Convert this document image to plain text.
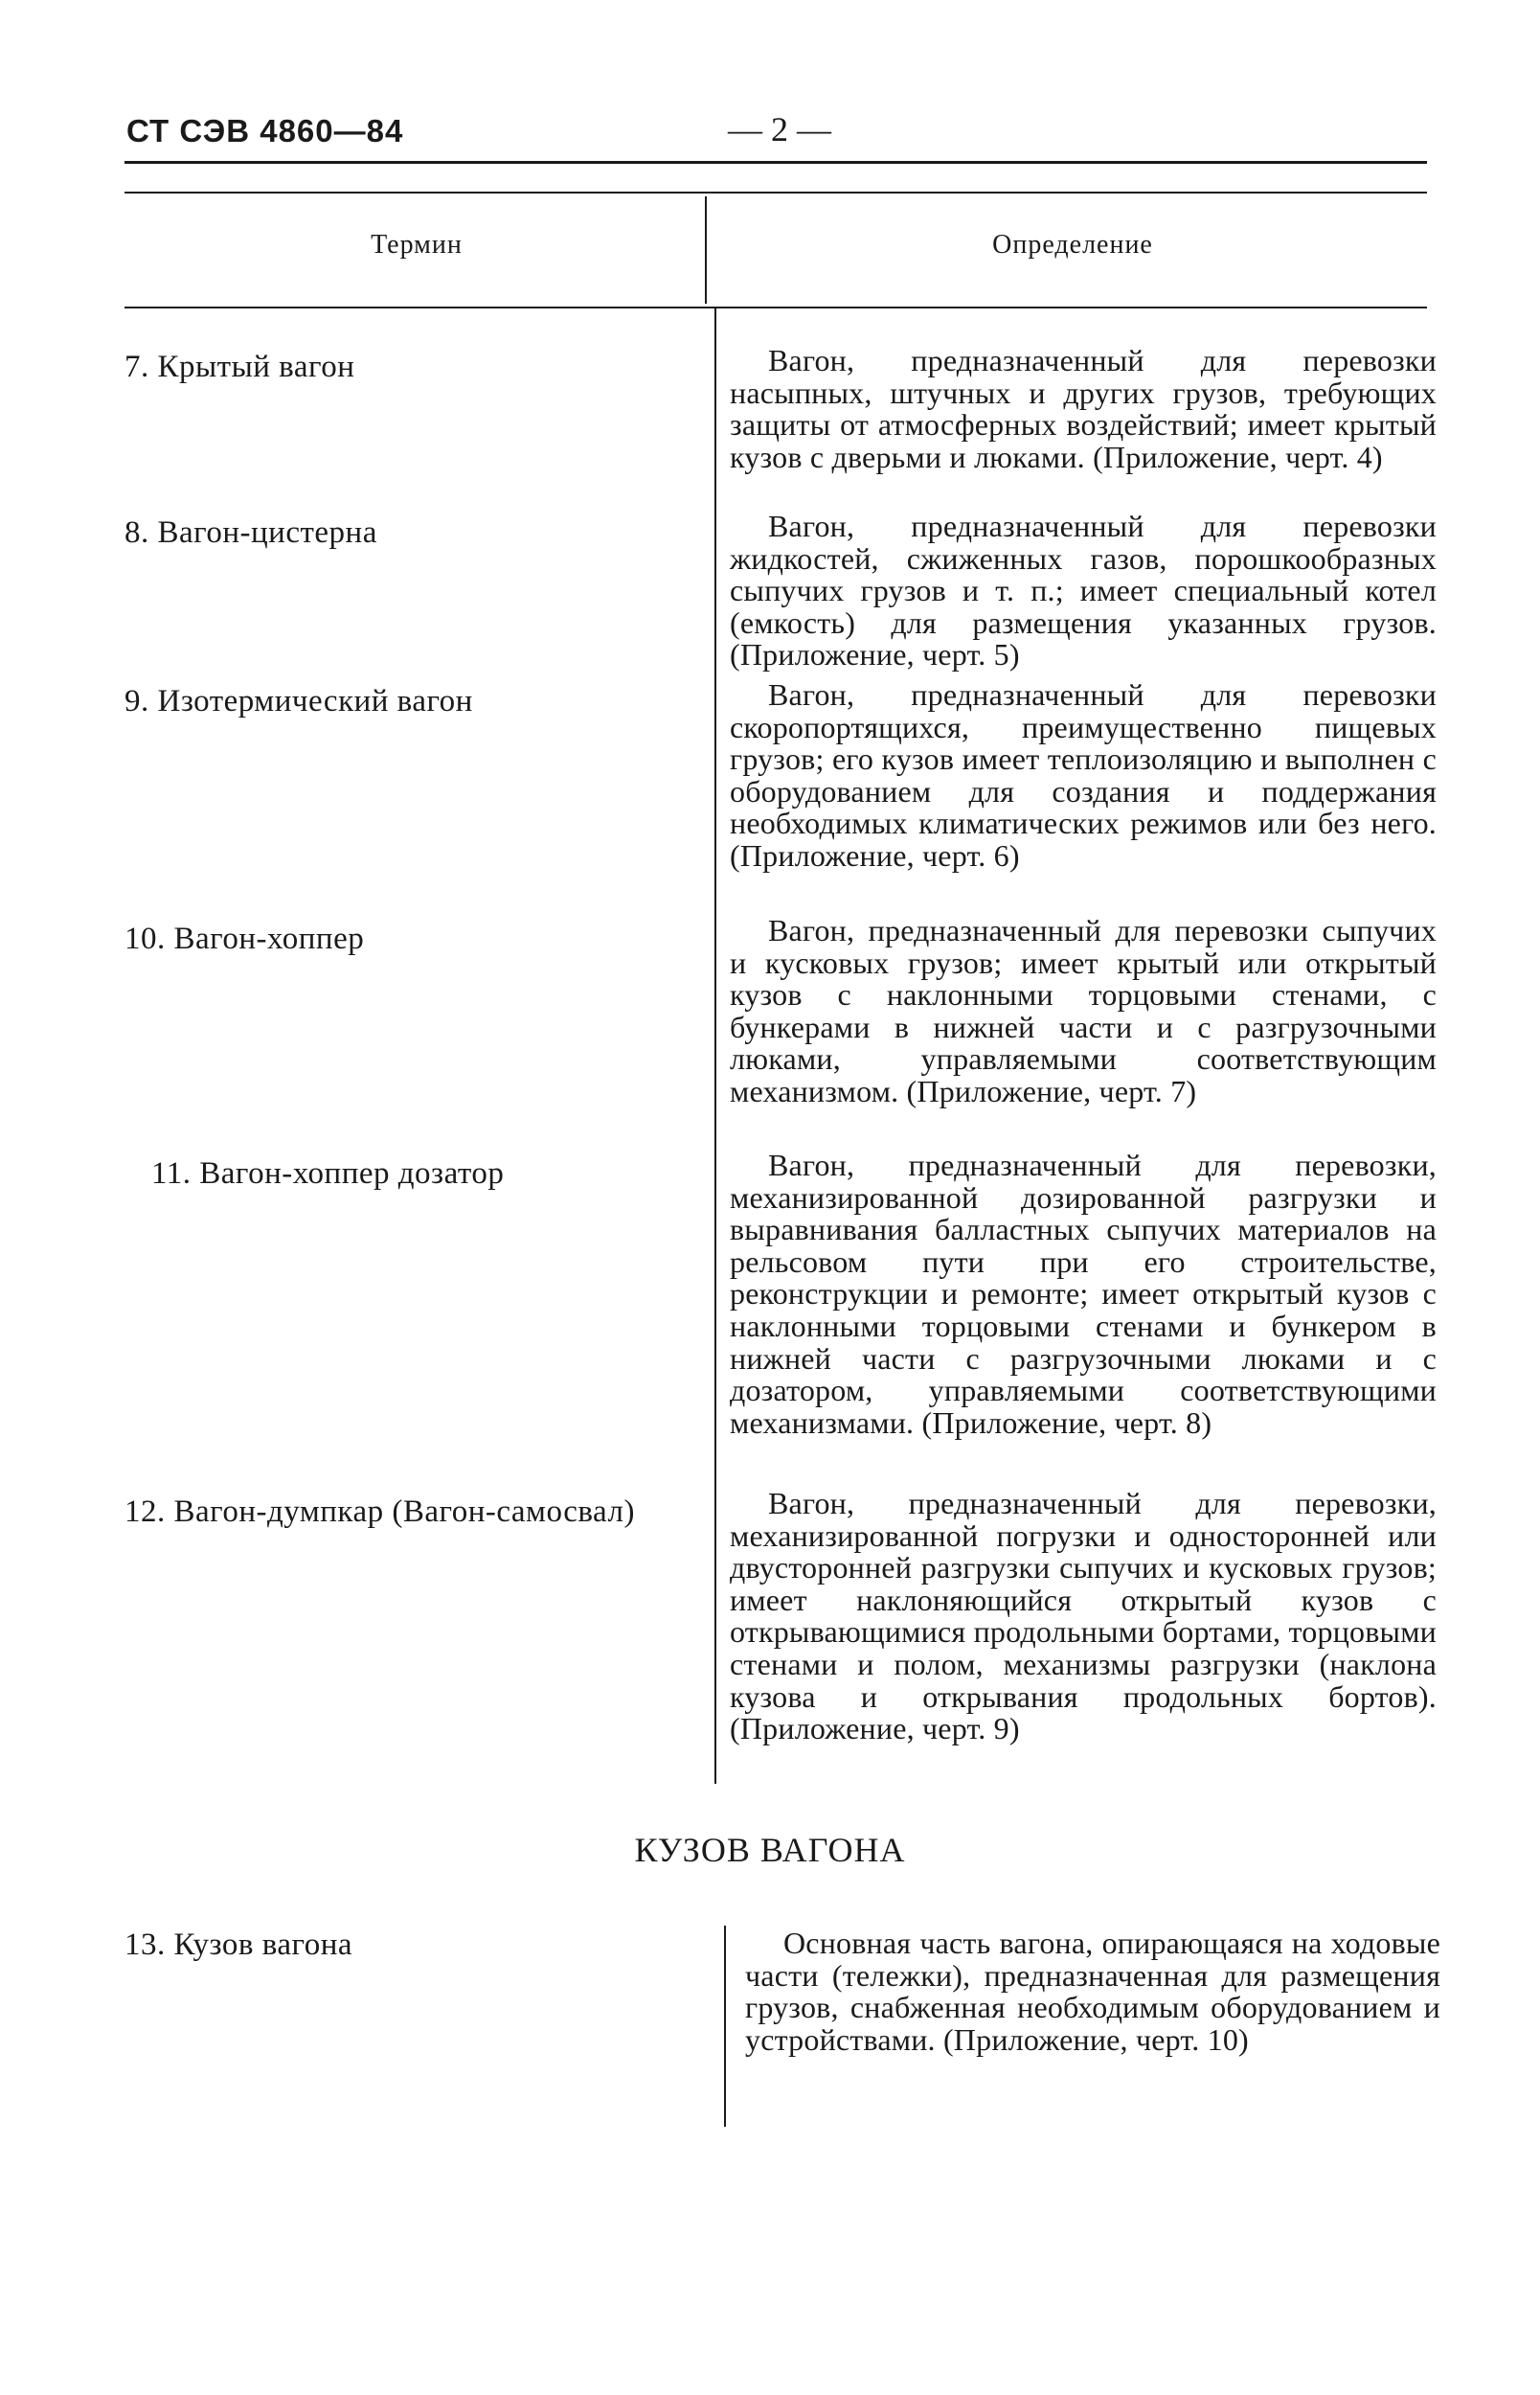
СТ СЭВ 4860—84	— 2 —
Термин	Определение
7. Крытый вагон	Вагон, предназначенный для перевозки насыпных, штучных и других грузов, требующих защиты от атмосферных воздействий; имеет крытый кузов с дверьми и люками. (Приложение, черт. 4)
8. Вагон-цистерна	Вагон, предназначенный для перевозки жидкостей, сжиженных газов, порошкообразных сыпучих грузов и т. п.; имеет специальный котел (емкость) для размещения указанных грузов. (Приложение, черт. 5)
9. Изотермический вагон	Вагон, предназначенный для перевозки скоропортящихся, преимущественно пищевых грузов; его кузов имеет теплоизоляцию и выполнен с оборудованием для создания и поддержания необходимых климатических режимов или без него. (Приложение, черт. 6)
10. Вагон-хоппер	Вагон, предназначенный для перевозки сыпучих и кусковых грузов; имеет крытый или открытый кузов с наклонными торцовыми стенами, с бункерами в нижней части и с разгрузочными люками, управляемыми соответствующим механизмом. (Приложение, черт. 7)
11. Вагон-хоппер дозатор	Вагон, предназначенный для перевозки, механизированной дозированной разгрузки и выравнивания балластных сыпучих материалов на рельсовом пути при его строительстве, реконструкции и ремонте; имеет открытый кузов с наклонными торцовыми стенами и бункером в нижней части с разгрузочными люками и с дозатором, управляемыми соответствующими механизмами. (Приложение, черт. 8)
12. Вагон-думпкар (Вагон-самосвал)	Вагон, предназначенный для перевозки, механизированной погрузки и односторонней или двусторонней разгрузки сыпучих и кусковых грузов; имеет наклоняющийся открытый кузов с открывающимися продольными бортами, торцовыми стенами и полом, механизмы разгрузки (наклона кузова и открывания продольных бортов). (Приложение, черт. 9)
КУЗОВ ВАГОНА
13. Кузов вагона	Основная часть вагона, опирающаяся на ходовые части (тележки), предназначенная для размещения грузов, снабженная необходимым оборудованием и устройствами. (Приложение, черт. 10)
